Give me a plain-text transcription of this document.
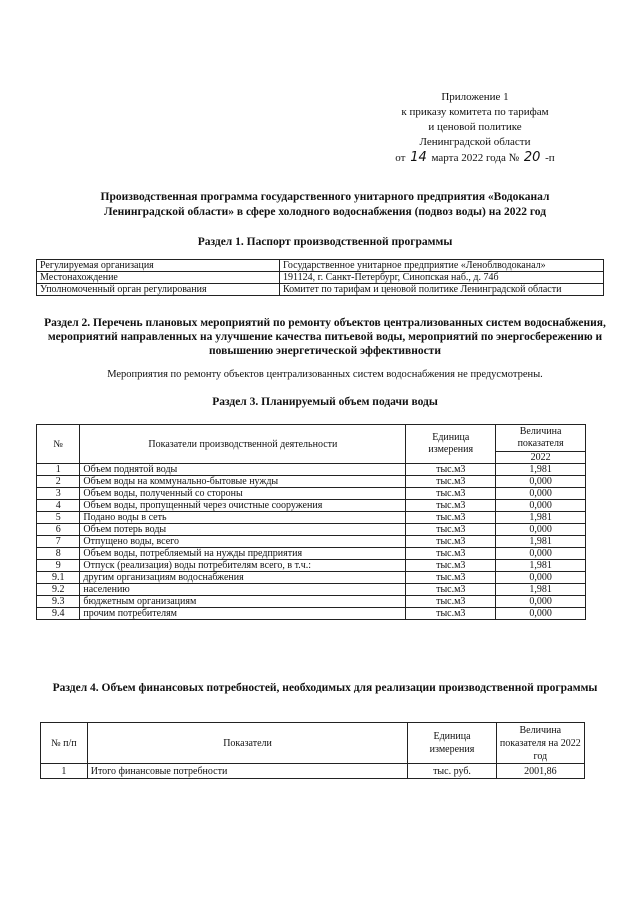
Приложение 1
к приказу комитета по тарифам
и ценовой политике
Ленинградской области
от 14 марта 2022 года № 20 -п
Производственная программа государственного унитарного предприятия «Водоканал Ленинградской области» в сфере холодного водоснабжения (подвоз воды) на 2022 год
Раздел 1. Паспорт производственной программы
Регулируемая организация	Государственное унитарное предприятие «Леноблводоканал»
Местонахождение	191124, г. Санкт-Петербург, Синопская наб., д. 74б
Уполномоченный орган регулирования	Комитет по тарифам и ценовой политике Ленинградской области
Раздел 2. Перечень плановых мероприятий по ремонту объектов централизованных систем водоснабжения, мероприятий направленных на улучшение качества питьевой воды, мероприятий по энергосбережению и повышению энергетической эффективности
Мероприятия по ремонту объектов централизованных систем водоснабжения не предусмотрены.
Раздел 3. Планируемый объем подачи воды
№	Показатели производственной деятельности	Единица измерения	Величина показателя
			2022
1	Объем поднятой воды	тыс.м3	1,981
2	Объем воды на коммунально-бытовые нужды	тыс.м3	0,000
3	Объем воды, полученный со стороны	тыс.м3	0,000
4	Объем воды, пропущенный через очистные сооружения	тыс.м3	0,000
5	Подано воды в сеть	тыс.м3	1,981
6	Объем потерь воды	тыс.м3	0,000
7	Отпущено воды, всего	тыс.м3	1,981
8	Объем воды, потребляемый на нужды предприятия	тыс.м3	0,000
9	Отпуск (реализация) воды потребителям всего, в т.ч.:	тыс.м3	1,981
9.1	другим организациям водоснабжения	тыс.м3	0,000
9.2	населению	тыс.м3	1,981
9.3	бюджетным организациям	тыс.м3	0,000
9.4	прочим потребителям	тыс.м3	0,000
Раздел 4. Объем финансовых потребностей, необходимых для реализации производственной программы
№ п/п	Показатели	Единица измерения	Величина показателя на 2022 год
1	Итого финансовые потребности	тыс. руб.	2001,86
